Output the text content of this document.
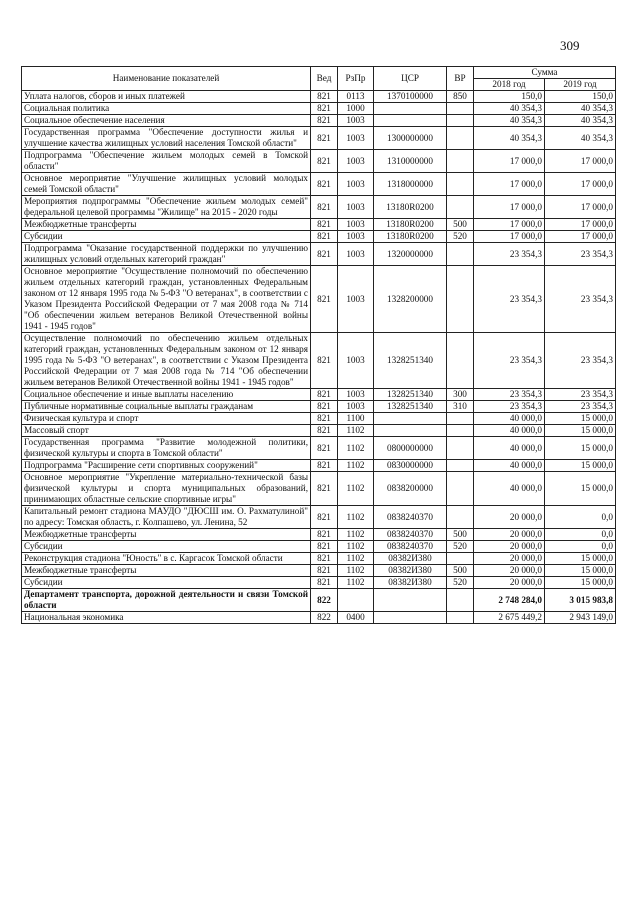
309
Наименование показателей	Вед	РзПр	ЦСР	ВР	Сумма	
					2018 год	2019 год
Уплата налогов, сборов и иных платежей	821	0113	1370100000	850	150,0	150,0
Социальная политика	821	1000			40 354,3	40 354,3
Социальное обеспечение населения	821	1003			40 354,3	40 354,3
Государственная программа "Обеспечение доступности жилья и улучшение качества жилищных условий населения Томской области"	821	1003	1300000000		40 354,3	40 354,3
Подпрограмма "Обеспечение жильем молодых семей в Томской области"	821	1003	1310000000		17 000,0	17 000,0
Основное мероприятие "Улучшение жилищных условий молодых семей Томской области"	821	1003	1318000000		17 000,0	17 000,0
Мероприятия подпрограммы "Обеспечение жильем молодых семей" федеральной целевой программы "Жилище" на 2015 - 2020 годы	821	1003	13180R0200		17 000,0	17 000,0
Межбюджетные трансферты	821	1003	13180R0200	500	17 000,0	17 000,0
Субсидии	821	1003	13180R0200	520	17 000,0	17 000,0
Подпрограмма "Оказание государственной поддержки по улучшению жилищных условий отдельных категорий граждан"	821	1003	1320000000		23 354,3	23 354,3
Основное мероприятие "Осуществление полномочий по обеспечению жильем отдельных категорий граждан, установленных Федеральным законом от 12 января 1995 года № 5-ФЗ "О ветеранах", в соответствии с Указом Президента Российской Федерации от 7 мая 2008 года № 714 "Об обеспечении жильем ветеранов Великой Отечественной войны 1941 - 1945 годов"	821	1003	1328200000		23 354,3	23 354,3
Осуществление полномочий по обеспечению жильем отдельных категорий граждан, установленных Федеральным законом от 12 января 1995 года № 5-ФЗ "О ветеранах", в соответствии с Указом Президента Российской Федерации от 7 мая 2008 года № 714 "Об обеспечении жильем ветеранов Великой Отечественной войны 1941 - 1945 годов"	821	1003	1328251340		23 354,3	23 354,3
Социальное обеспечение и иные выплаты населению	821	1003	1328251340	300	23 354,3	23 354,3
Публичные нормативные социальные выплаты гражданам	821	1003	1328251340	310	23 354,3	23 354,3
Физическая культура и спорт	821	1100			40 000,0	15 000,0
Массовый спорт	821	1102			40 000,0	15 000,0
Государственная программа "Развитие молодежной политики, физической культуры и спорта в Томской области"	821	1102	0800000000		40 000,0	15 000,0
Подпрограмма "Расширение сети спортивных сооружений"	821	1102	0830000000		40 000,0	15 000,0
Основное мероприятие "Укрепление материально-технической базы физической культуры и спорта муниципальных образований, принимающих областные сельские спортивные игры"	821	1102	0838200000		40 000,0	15 000,0
Капитальный ремонт стадиона МАУДО "ДЮСШ им. О. Рахматулиной" по адресу: Томская область, г. Колпашево, ул. Ленина, 52	821	1102	0838240370		20 000,0	0,0
Межбюджетные трансферты	821	1102	0838240370	500	20 000,0	0,0
Субсидии	821	1102	0838240370	520	20 000,0	0,0
Реконструкция стадиона "Юность" в с. Каргасок Томской области	821	1102	08382И380		20 000,0	15 000,0
Межбюджетные трансферты	821	1102	08382И380	500	20 000,0	15 000,0
Субсидии	821	1102	08382И380	520	20 000,0	15 000,0
Департамент транспорта, дорожной деятельности и связи Томской области	822				2 748 284,0	3 015 983,8
Национальная экономика	822	0400			2 675 449,2	2 943 149,0
